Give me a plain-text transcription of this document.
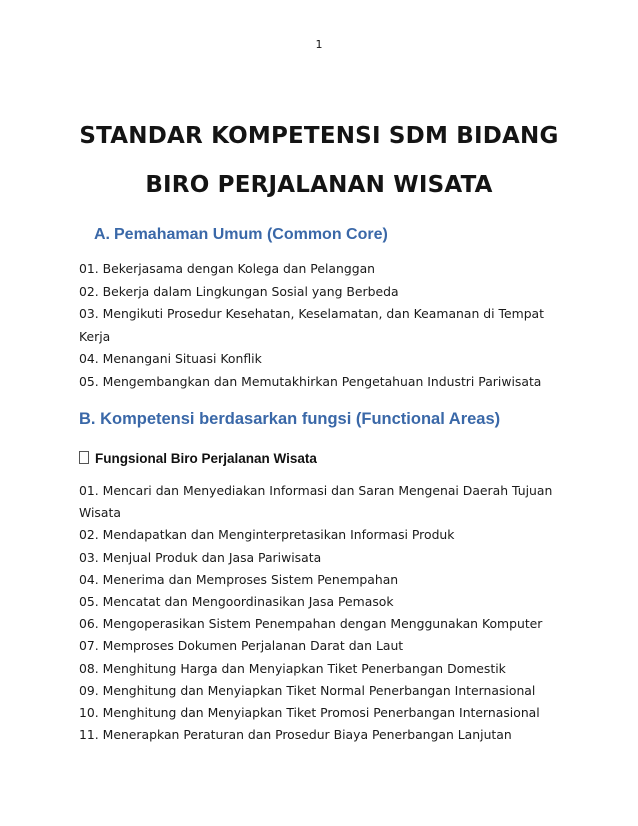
1
STANDAR KOMPETENSI SDM BIDANG
BIRO PERJALANAN WISATA
A. Pemahaman Umum (Common Core)
01. Bekerjasama dengan Kolega dan Pelanggan
02. Bekerja dalam Lingkungan Sosial yang Berbeda
03. Mengikuti Prosedur Kesehatan, Keselamatan, dan Keamanan di Tempat
Kerja
04. Menangani Situasi Konflik
05. Mengembangkan dan Memutakhirkan Pengetahuan Industri Pariwisata
B. Kompetensi berdasarkan fungsi (Functional Areas)
Fungsional Biro Perjalanan Wisata
01. Mencari dan Menyediakan Informasi dan Saran Mengenai Daerah Tujuan
Wisata
02. Mendapatkan dan Menginterpretasikan Informasi Produk
03. Menjual Produk dan Jasa Pariwisata
04. Menerima dan Memproses Sistem Penempahan
05. Mencatat dan Mengoordinasikan Jasa Pemasok
06. Mengoperasikan Sistem Penempahan dengan Menggunakan Komputer
07. Memproses Dokumen Perjalanan Darat dan Laut
08. Menghitung Harga dan Menyiapkan Tiket Penerbangan Domestik
09. Menghitung dan Menyiapkan Tiket Normal Penerbangan Internasional
10. Menghitung dan Menyiapkan Tiket Promosi Penerbangan Internasional
11. Menerapkan Peraturan dan Prosedur Biaya Penerbangan Lanjutan
